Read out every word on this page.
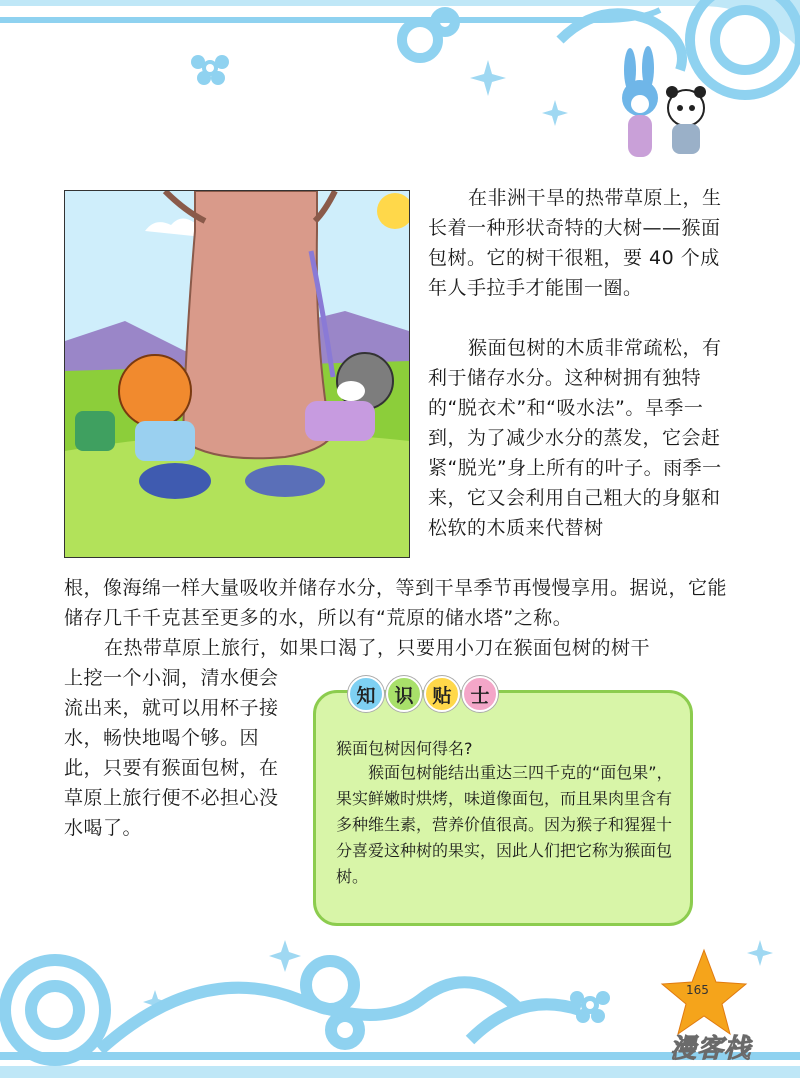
在非洲干旱的热带草原上，生长着一种形状奇特的大树——猴面包树。它的树干很粗，要 40 个成年人手拉手才能围一圈。

猴面包树的木质非常疏松，有利于储存水分。这种树拥有独特的“脱衣术”和“吸水法”。旱季一到，为了减少水分的蒸发，它会赶紧“脱光”身上所有的叶子。雨季一来，它又会利用自己粗大的身躯和松软的木质来代替树

根，像海绵一样大量吸收并储存水分，等到干旱季节再慢慢享用。据说，它能储存几千千克甚至更多的水，所以有“荒原的储水塔”之称。

在热带草原上旅行，如果口渴了，只要用小刀在猴面包树的树干

上挖一个小洞，清水便会流出来，就可以用杯子接水，畅快地喝个够。因此，只要有猴面包树，在草原上旅行便不必担心没水喝了。

知 识 贴 士
猴面包树因何得名?

猴面包树能结出重达三四千克的“面包果”，果实鲜嫩时烘烤，味道像面包，而且果肉里含有多种维生素，营养价值很高。因为猴子和猩猩十分喜爱这种树的果实，因此人们把它称为猴面包树。

165
漫客栈
